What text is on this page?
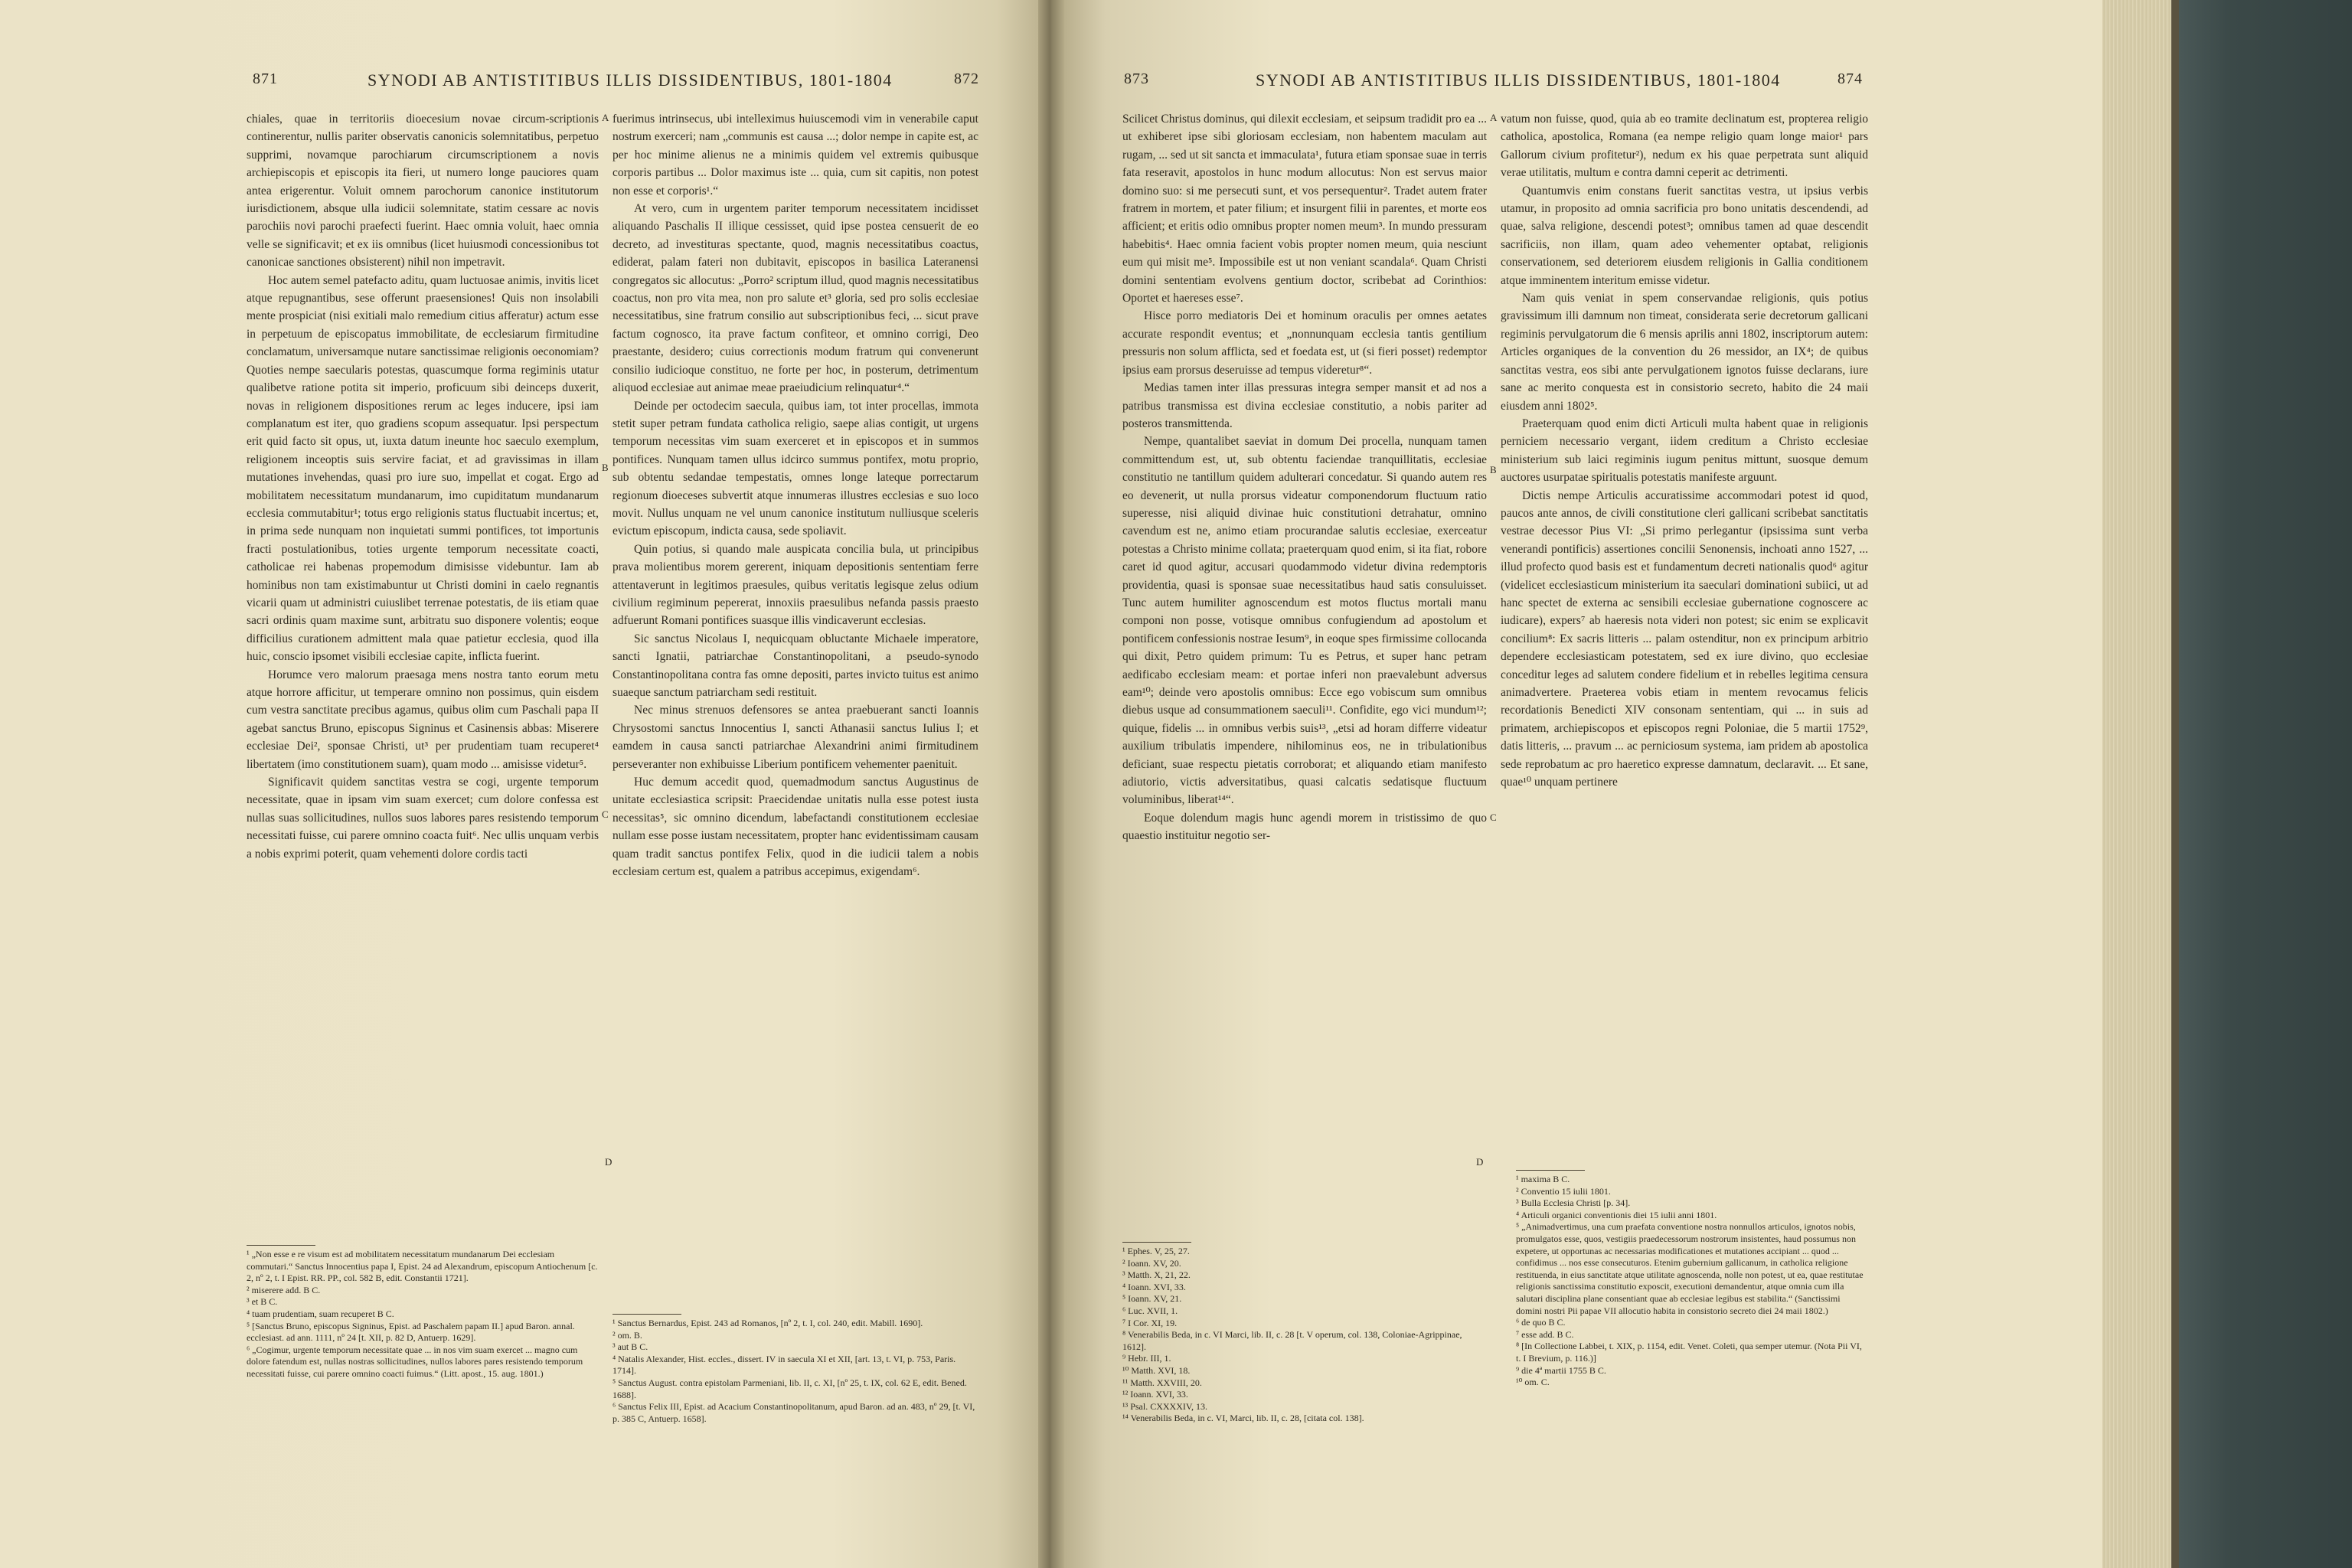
871	SYNODI AB ANTISTITIBUS ILLIS DISSIDENTIBUS, 1801-1804	872

chiales, quae in territoriis dioecesium novae circum-scriptionis continerentur, nullis pariter observatis canonicis solemnitatibus, perpetuo supprimi, novamque parochiarum circumscriptionem a novis archiepiscopis et episcopis ita fieri, ut numero longe pauciores quam antea erigerentur. Voluit omnem parochorum canonice institutorum iurisdictionem, absque ulla iudicii solemnitate, statim cessare ac novis parochiis novi parochi praefecti fuerint. Haec omnia voluit, haec omnia velle se significavit; et ex iis omnibus (licet huiusmodi concessionibus tot canonicae sanctiones obsisterent) nihil non impetravit.

Hoc autem semel patefacto aditu, quam luctuosae animis, invitis licet atque repugnantibus, sese offerunt praesensiones! Quis non insolabili mente prospiciat (nisi exitiali malo remedium citius afferatur) actum esse in perpetuum de episcopatus immobilitate, de ecclesiarum firmitudine conclamatum, universamque nutare sanctissimae religionis oeconomiam? Quoties nempe saecularis potestas, quascumque forma regiminis utatur qualibetve ratione potita sit imperio, proficuum sibi deinceps duxerit, novas in religionem dispositiones rerum ac leges inducere, ipsi iam complanatum est iter, quo gradiens scopum assequatur. Ipsi perspectum erit quid facto sit opus, ut, iuxta datum ineunte hoc saeculo exemplum, religionem inceoptis suis servire faciat, et ad gravissimas in illam mutationes invehendas, quasi pro iure suo, impellat et cogat. Ergo ad mobilitatem necessitatum mundanarum, imo cupiditatum mundanarum ecclesia commutabitur¹; totus ergo religionis status fluctuabit incertus; et, in prima sede nunquam non inquietati summi pontifices, tot importunis fracti postulationibus, toties urgente temporum necessitate coacti, catholicae rei habenas propemodum dimisisse videbuntur. Iam ab hominibus non tam existimabuntur ut Christi domini in caelo regnantis vicarii quam ut administri cuiuslibet terrenae potestatis, de iis etiam quae sacri ordinis quam maxime sunt, arbitratu suo disponere volentis; eoque difficilius curationem admittent mala quae patietur ecclesia, quod illa huic, conscio ipsomet visibili ecclesiae capite, inflicta fuerint.

Horumce vero malorum praesaga mens nostra tanto eorum metu atque horrore afficitur, ut temperare omnino non possimus, quin eisdem cum vestra sanctitate precibus agamus, quibus olim cum Paschali papa II agebat sanctus Bruno, episcopus Signinus et Casinensis abbas: Miserere ecclesiae Dei², sponsae Christi, ut³ per prudentiam tuam recuperet⁴ libertatem (imo constitutionem suam), quam modo ... amisisse videtur⁵.

Significavit quidem sanctitas vestra se cogi, urgente temporum necessitate, quae in ipsam vim suam exercet; cum dolore confessa est nullas suas sollicitudines, nullos suos labores pares resistendo temporum necessitati fuisse, cui parere omnino coacta fuit⁶. Nec ullis unquam verbis a nobis exprimi poterit, quam vehementi dolore cordis tacti

A
B
C
D

fuerimus intrinsecus, ubi intelleximus huiuscemodi vim in venerabile caput nostrum exerceri; nam „communis est causa ...; dolor nempe in capite est, ac per hoc minime alienus ne a minimis quidem vel extremis quibusque corporis partibus ... Dolor maximus iste ... quia, cum sit capitis, non potest non esse et corporis¹.“

At vero, cum in urgentem pariter temporum necessitatem incidisset aliquando Paschalis II illique cessisset, quid ipse postea censuerit de eo decreto, ad investituras spectante, quod, magnis necessitatibus coactus, ediderat, palam fateri non dubitavit, episcopos in basilica Lateranensi congregatos sic allocutus: „Porro² scriptum illud, quod magnis necessitatibus coactus, non pro vita mea, non pro salute et³ gloria, sed pro solis ecclesiae necessitatibus, sine fratrum consilio aut subscriptionibus feci, ... sicut prave factum cognosco, ita prave factum confiteor, et omnino corrigi, Deo praestante, desidero; cuius correctionis modum fratrum qui convenerunt consilio iudicioque constituo, ne forte per hoc, in posterum, detrimentum aliquod ecclesiae aut animae meae praeiudicium relinquatur⁴.“

Deinde per octodecim saecula, quibus iam, tot inter procellas, immota stetit super petram fundata catholica religio, saepe alias contigit, ut urgens temporum necessitas vim suam exerceret et in episcopos et in summos pontifices. Nunquam tamen ullus idcirco summus pontifex, motu proprio, sub obtentu sedandae tempestatis, omnes longe lateque porrectarum regionum dioeceses subvertit atque innumeras illustres ecclesias e suo loco movit. Nullus unquam ne vel unum canonice institutum nulliusque sceleris evictum episcopum, indicta causa, sede spoliavit.

Quin potius, si quando male auspicata concilia bula, ut principibus prava molientibus morem gererent, iniquam depositionis sententiam ferre attentaverunt in legitimos praesules, quibus veritatis legisque zelus odium civilium regiminum pepererat, innoxiis praesulibus nefanda passis praesto adfuerunt Romani pontifices suasque illis vindicaverunt ecclesias.

Sic sanctus Nicolaus I, nequicquam obluctante Michaele imperatore, sancti Ignatii, patriarchae Constantinopolitani, a pseudo-synodo Constantinopolitana contra fas omne depositi, partes invicto tuitus est animo suaeque sanctum patriarcham sedi restituit.

Nec minus strenuos defensores se antea praebuerant sancti Ioannis Chrysostomi sanctus Innocentius I, sancti Athanasii sanctus Iulius I; et eamdem in causa sancti patriarchae Alexandrini animi firmitudinem perseveranter non exhibuisse Liberium pontificem vehementer paenituit.

Huc demum accedit quod, quemadmodum sanctus Augustinus de unitate ecclesiastica scripsit: Praecidendae unitatis nulla esse potest iusta necessitas⁵, sic omnino dicendum, labefactandi constitutionem ecclesiae nullam esse posse iustam necessitatem, propter hanc evidentissimam causam quam tradit sanctus pontifex Felix, quod in die iudicii talem a nobis ecclesiam certum est, qualem a patribus accepimus, exigendam⁶.

¹ „Non esse e re visum est ad mobilitatem necessitatum mundanarum Dei ecclesiam commutari.“ Sanctus Innocentius papa I, Epist. 24 ad Alexandrum, episcopum Antiochenum [c. 2, nº 2, t. I Epist. RR. PP., col. 582 B, edit. Constantii 1721].
² miserere add. B C.
³ et B C.
⁴ tuam prudentiam, suam recuperet B C.
⁵ [Sanctus Bruno, episcopus Signinus, Epist. ad Paschalem papam II.] apud Baron. annal. ecclesiast. ad ann. 1111, nº 24 [t. XII, p. 82 D, Antuerp. 1629].
⁶ „Cogimur, urgente temporum necessitate quae ... in nos vim suam exercet ... magno cum dolore fatendum est, nullas nostras sollicitudines, nullos labores pares resistendo temporum necessitati fuisse, cui parere omnino coacti fuimus.“ (Litt. apost., 15. aug. 1801.)
¹ Sanctus Bernardus, Epist. 243 ad Romanos, [nº 2, t. I, col. 240, edit. Mabill. 1690].
² om. B.
³ aut B C.
⁴ Natalis Alexander, Hist. eccles., dissert. IV in saecula XI et XII, [art. 13, t. VI, p. 753, Paris. 1714].
⁵ Sanctus August. contra epistolam Parmeniani, lib. II, c. XI, [nº 25, t. IX, col. 62 E, edit. Bened. 1688].
⁶ Sanctus Felix III, Epist. ad Acacium Constantinopolitanum, apud Baron. ad an. 483, nº 29, [t. VI, p. 385 C, Antuerp. 1658].
873	SYNODI AB ANTISTITIBUS ILLIS DISSIDENTIBUS, 1801-1804	874

Scilicet Christus dominus, qui dilexit ecclesiam, et seipsum tradidit pro ea ... ut exhiberet ipse sibi gloriosam ecclesiam, non habentem maculam aut rugam, ... sed ut sit sancta et immaculata¹, futura etiam sponsae suae in terris fata reseravit, apostolos in hunc modum allocutus: Non est servus maior domino suo: si me persecuti sunt, et vos persequentur². Tradet autem frater fratrem in mortem, et pater filium; et insurgent filii in parentes, et morte eos afficient; et eritis odio omnibus propter nomen meum³. In mundo pressuram habebitis⁴. Haec omnia facient vobis propter nomen meum, quia nesciunt eum qui misit me⁵. Impossibile est ut non veniant scandala⁶. Quam Christi domini sententiam evolvens gentium doctor, scribebat ad Corinthios: Oportet et haereses esse⁷.

Hisce porro mediatoris Dei et hominum oraculis per omnes aetates accurate respondit eventus; et „nonnunquam ecclesia tantis gentilium pressuris non solum afflicta, sed et foedata est, ut (si fieri posset) redemptor ipsius eam prorsus deseruisse ad tempus videretur⁸“.

Medias tamen inter illas pressuras integra semper mansit et ad nos a patribus transmissa est divina ecclesiae constitutio, a nobis pariter ad posteros transmittenda.

Nempe, quantalibet saeviat in domum Dei procella, nunquam tamen committendum est, ut, sub obtentu faciendae tranquillitatis, ecclesiae constitutio ne tantillum quidem adulterari concedatur. Si quando autem res eo devenerit, ut nulla prorsus videatur componendorum fluctuum ratio superesse, nisi aliquid divinae huic constitutioni detrahatur, omnino cavendum est ne, animo etiam procurandae salutis ecclesiae, exerceatur potestas a Christo minime collata; praeterquam quod enim, si ita fiat, robore caret id quod agitur, accusari quodammodo videtur divina redemptoris providentia, quasi is sponsae suae necessitatibus haud satis consuluisset. Tunc autem humiliter agnoscendum est motos fluctus mortali manu componi non posse, votisque omnibus confugiendum ad apostolum et pontificem confessionis nostrae Iesum⁹, in eoque spes firmissime collocanda qui dixit, Petro quidem primum: Tu es Petrus, et super hanc petram aedificabo ecclesiam meam: et portae inferi non praevalebunt adversus eam¹⁰; deinde vero apostolis omnibus: Ecce ego vobiscum sum omnibus diebus usque ad consummationem saeculi¹¹. Confidite, ego vici mundum¹²; quique, fidelis ... in omnibus verbis suis¹³, „etsi ad horam differre videatur auxilium tribulatis impendere, nihilominus eos, ne in tribulationibus deficiant, suae respectu pietatis corroborat; et aliquando etiam manifesto adiutorio, victis adversitatibus, quasi calcatis sedatisque fluctuum voluminibus, liberat¹⁴“.

Eoque dolendum magis hunc agendi morem in tristissimo de quo quaestio instituitur negotio ser-

A
B
C
D

vatum non fuisse, quod, quia ab eo tramite declinatum est, propterea religio catholica, apostolica, Romana (ea nempe religio quam longe maior¹ pars Gallorum civium profitetur²), nedum ex his quae perpetrata sunt aliquid verae utilitatis, multum e contra damni ceperit ac detrimenti.

Quantumvis enim constans fuerit sanctitas vestra, ut ipsius verbis utamur, in proposito ad omnia sacrificia pro bono unitatis descendendi, ad quae, salva religione, descendi potest³; omnibus tamen ad quae descendit sacrificiis, non illam, quam adeo vehementer optabat, religionis conservationem, sed deteriorem eiusdem religionis in Gallia conditionem atque imminentem interitum emisse videtur.

Nam quis veniat in spem conservandae religionis, quis potius gravissimum illi damnum non timeat, considerata serie decretorum gallicani regiminis pervulgatorum die 6 mensis aprilis anni 1802, inscriptorum autem: Articles organiques de la convention du 26 messidor, an IX⁴; de quibus sanctitas vestra, eos sibi ante pervulgationem ignotos fuisse declarans, iure sane ac merito conquesta est in consistorio secreto, habito die 24 maii eiusdem anni 1802⁵.

Praeterquam quod enim dicti Articuli multa habent quae in religionis perniciem necessario vergant, iidem creditum a Christo ecclesiae ministerium sub laici regiminis iugum penitus mittunt, suosque demum auctores usurpatae spiritualis potestatis manifeste arguunt.

Dictis nempe Articulis accuratissime accommodari potest id quod, paucos ante annos, de civili constitutione cleri gallicani scribebat sanctitatis vestrae decessor Pius VI: „Si primo perlegantur (ipsissima sunt verba venerandi pontificis) assertiones concilii Senonensis, inchoati anno 1527, ... illud profecto quod basis est et fundamentum decreti nationalis quod⁶ agitur (videlicet ecclesiasticum ministerium ita saeculari dominationi subiici, ut ad hanc spectet de externa ac sensibili ecclesiae gubernatione cognoscere ac iudicare), expers⁷ ab haeresis nota videri non potest; sic enim se explicavit concilium⁸: Ex sacris litteris ... palam ostenditur, non ex principum arbitrio dependere ecclesiasticam potestatem, sed ex iure divino, quo ecclesiae conceditur leges ad salutem condere fidelium et in rebelles legitima censura animadvertere. Praeterea vobis etiam in mentem revocamus felicis recordationis Benedicti XIV consonam sententiam, qui ... in suis ad primatem, archiepiscopos et episcopos regni Poloniae, die 5 martii 1752⁹, datis litteris, ... pravum ... ac perniciosum systema, iam pridem ab apostolica sede reprobatum ac pro haeretico expresse damnatum, declaravit. ... Et sane, quae¹⁰ unquam pertinere

¹ Ephes. V, 25, 27.
² Ioann. XV, 20.
³ Matth. X, 21, 22.
⁴ Ioann. XVI, 33.
⁵ Ioann. XV, 21.
⁶ Luc. XVII, 1.
⁷ I Cor. XI, 19.
⁸ Venerabilis Beda, in c. VI Marci, lib. II, c. 28 [t. V operum, col. 138, Coloniae-Agrippinae, 1612].
⁹ Hebr. III, 1.
¹⁰ Matth. XVI, 18.
¹¹ Matth. XXVIII, 20.
¹² Ioann. XVI, 33.
¹³ Psal. CXXXXIV, 13.
¹⁴ Venerabilis Beda, in c. VI, Marci, lib. II, c. 28, [citata col. 138].
¹ maxima B C.
² Conventio 15 iulii 1801.
³ Bulla Ecclesia Christi [p. 34].
⁴ Articuli organici conventionis diei 15 iulii anni 1801.
⁵ „Animadvertimus, una cum praefata conventione nostra nonnullos articulos, ignotos nobis, promulgatos esse, quos, vestigiis praedecessorum nostrorum insistentes, haud possumus non expetere, ut opportunas ac necessarias modificationes et mutationes accipiant ... quod ... confidimus ... nos esse consecuturos. Etenim gubernium gallicanum, in catholica religione restituenda, in eius sanctitate atque utilitate agnoscenda, nolle non potest, ut ea, quae restitutae religionis sanctissima constitutio exposcit, executioni demandentur, atque omnia cum illa salutari disciplina plane consentiant quae ab ecclesiae legibus est stabilita.“ (Sanctissimi domini nostri Pii papae VII allocutio habita in consistorio secreto diei 24 maii 1802.)
⁶ de quo B C.
⁷ esse add. B C.
⁸ [In Collectione Labbei, t. XIX, p. 1154, edit. Venet. Coleti, qua semper utemur. (Nota Pii VI, t. I Brevium, p. 116.)]
⁹ die 4ª martii 1755 B C.
¹⁰ om. C.
